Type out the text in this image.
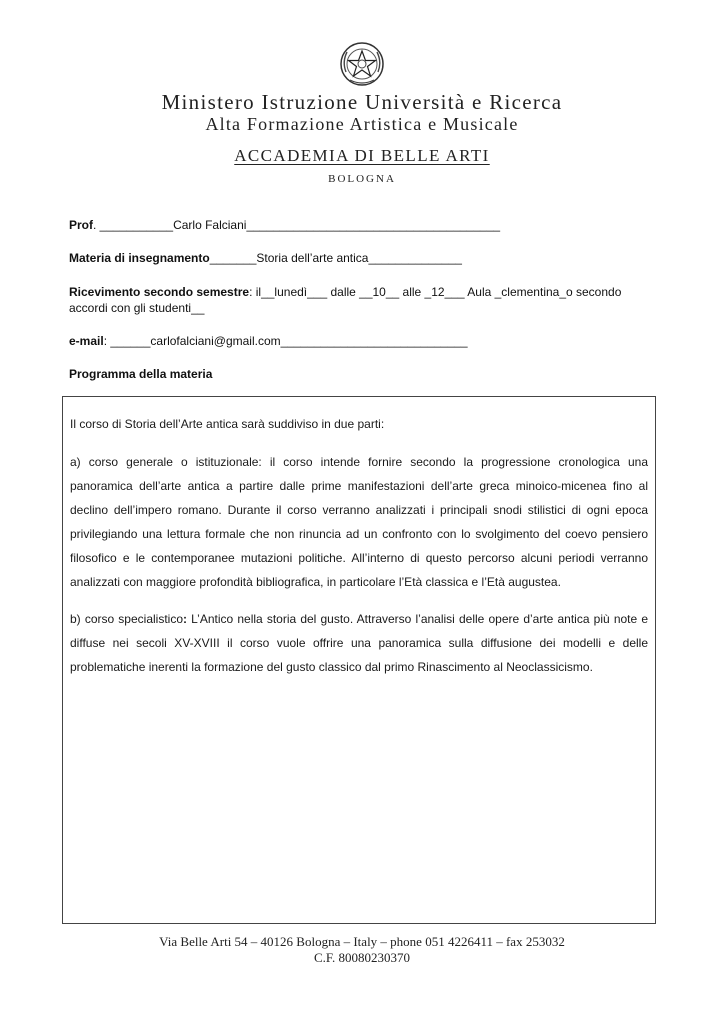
Ministero Istruzione Università e Ricerca
Alta Formazione Artistica e Musicale
ACCADEMIA DI BELLE ARTI
BOLOGNA
Prof. ___________Carlo Falciani______________________________________
Materia di insegnamento_______Storia dell’arte antica______________
Ricevimento secondo semestre: il__lunedì___ dalle __10__ alle _12___ Aula _clementina_o secondo
accordi con gli studenti__
e-mail: ______carlofalciani@gmail.com____________________________
Programma della materia
Il corso di Storia dell’Arte antica sarà suddiviso in due parti:
a) corso generale o istituzionale: il corso intende fornire secondo la progressione cronologica una panoramica dell’arte antica a partire dalle prime manifestazioni dell’arte greca minoico-micenea fino al declino dell’impero romano. Durante il corso verranno analizzati i principali snodi stilistici di ogni epoca privilegiando una lettura formale che non rinuncia ad un confronto con lo svolgimento del coevo pensiero filosofico e le contemporanee mutazioni politiche. All’interno di questo percorso alcuni periodi verranno analizzati con maggiore profondità bibliografica, in particolare l’Età classica e l’Età augustea.
b) corso specialistico: L’Antico nella storia del gusto. Attraverso l’analisi delle opere d’arte antica più note e diffuse nei secoli XV-XVIII il corso vuole offrire una panoramica sulla diffusione dei modelli e delle problematiche inerenti la formazione del gusto classico dal primo Rinascimento al Neoclassicismo.
Via Belle Arti 54 – 40126 Bologna – Italy – phone 051 4226411 – fax 253032
C.F. 80080230370
